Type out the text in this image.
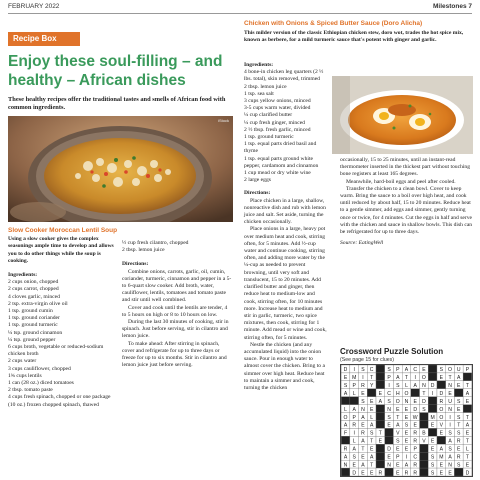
FEBRUARY 2022	Milestones 7
Recipe Box
Enjoy these soul-filling – and healthy – African dishes
These healthy recipes offer the traditional tastes and smells of African food with common ingredients.
iStock

Slow Cooker Moroccan Lentil Soup

Using a slow cooker gives the complex seasonings ample time to develop and allows you to do other things while the soup is cooking.

Ingredients:

2 cups onion, chopped

2 cups carrot, chopped

4 cloves garlic, minced

2 tsp. extra-virgin olive oil

1 tsp. ground cumin

1 tsp. ground coriander

1 tsp. ground turmeric

¼ tsp. ground cinnamon

¼ tsp. ground pepper

6 cups broth, vegetable or reduced-sodium chicken broth

2 cups water

3 cups cauliflower, chopped

1¾ cups lentils

1 can (28 oz.) diced tomatoes

2 tbsp. tomato paste

4 cups fresh spinach, chopped or one package (10 oz.) frozen chopped spinach, thawed

½ cup fresh cilantro, chopped

2 tbsp. lemon juice

Directions:

Combine onions, carrots, garlic, oil, cumin, coriander, turmeric, cinnamon and pepper in a 5- to 6-quart slow cooker. Add broth, water, cauliflower, lentils, tomatoes and tomato paste and stir until well combined.

Cover and cook until the lentils are tender, 4 to 5 hours on high or 8 to 10 hours on low.

During the last 30 minutes of cooking, stir in spinach. Just before serving, stir in cilantro and lemon juice.

To make ahead: After stirring in spinach, cover and refrigerate for up to three days or freeze for up to six months. Stir in cilantro and lemon juice just before serving.

Chicken with Onions & Spiced Butter Sauce (Doro Alicha)

This milder version of the classic Ethiopian chicken stew, doro wot, trades the hot spice mix, known as berbere, for a mild turmeric sauce that's potent with ginger and garlic.

Ingredients:

4 bone-in chicken leg quarters (2 ½ lbs. total), skin removed, trimmed

2 tbsp. lemon juice

1 tsp. sea salt

3 cups yellow onions, minced

3-5 cups warm water, divided

¼ cup clarified butter

¼ cup fresh ginger, minced

2 ½ tbsp. fresh garlic, minced

1 tsp. ground turmeric

1 tsp. equal parts dried basil and thyme

1 tsp. equal parts ground white pepper, cardamom and cinnamon

1 cup mead or dry white wine

2 large eggs

Directions:

Place chicken in a large, shallow, nonreactive dish and rub with lemon juice and salt. Set aside, turning the chicken occasionally.

Place onions in a large, heavy pot over medium heat and cook, stirring often, for 5 minutes. Add ½-cup water and continue cooking, stirring often, and adding more water by the ¼-cup as needed to prevent browning, until very soft and translucent, 15 to 20 minutes. Add clarified butter and ginger, then reduce heat to medium-low and cook, stirring often, for 10 minutes more. Increase heat to medium and stir in garlic, turmeric, two spice mixtures, then cook, stirring for 1 minute. Add mead or wine and cook, stirring often, for 5 minutes.

Nestle the chicken (and any accumulated liquid) into the onion sauce. Pour in enough water to almost cover the chicken. Bring to a simmer over high heat. Reduce heat to maintain a simmer and cook, turning the chicken

occasionally, 15 to 25 minutes, until an instant-read thermometer inserted in the thickest part without touching bone registers at least 165 degrees.

Meanwhile, hard-boil eggs and peel after cooled.

Transfer the chicken to a clean bowl. Cover to keep warm. Bring the sauce to a boil over high heat, and cook until reduced by about half, 15 to 20 minutes. Reduce heat to a gentle simmer, add eggs and simmer, gently turning once or twice, for 4 minutes. Cut the eggs in half and serve with the chicken and sauce in shallow bowls. This dish can be refrigerated for up to three days.

Source: EatingWell

Crossword Puzzle Solution
(See page 15 for clues)
D I S C	S P A C E	S O U P
E M I T	P A T I O	E T A
S P R Y	I S L A N D	N E T
A L E	E C H O	T I D E	A
S E A S O N E D	R U S E
L A N E	N E E D S	O N E
O P A L	S T E W M O I S T
A R E A	E A S E	E V I T A
F I R S T	V E R B	E S S E
L A T E	S E R V E	A R T
R A T E	D E E P	E A S E L
A S E A	E P I C	S M A R T
N E A T	N E A R	S E N S E
D E E R	E R R	S E E	D
